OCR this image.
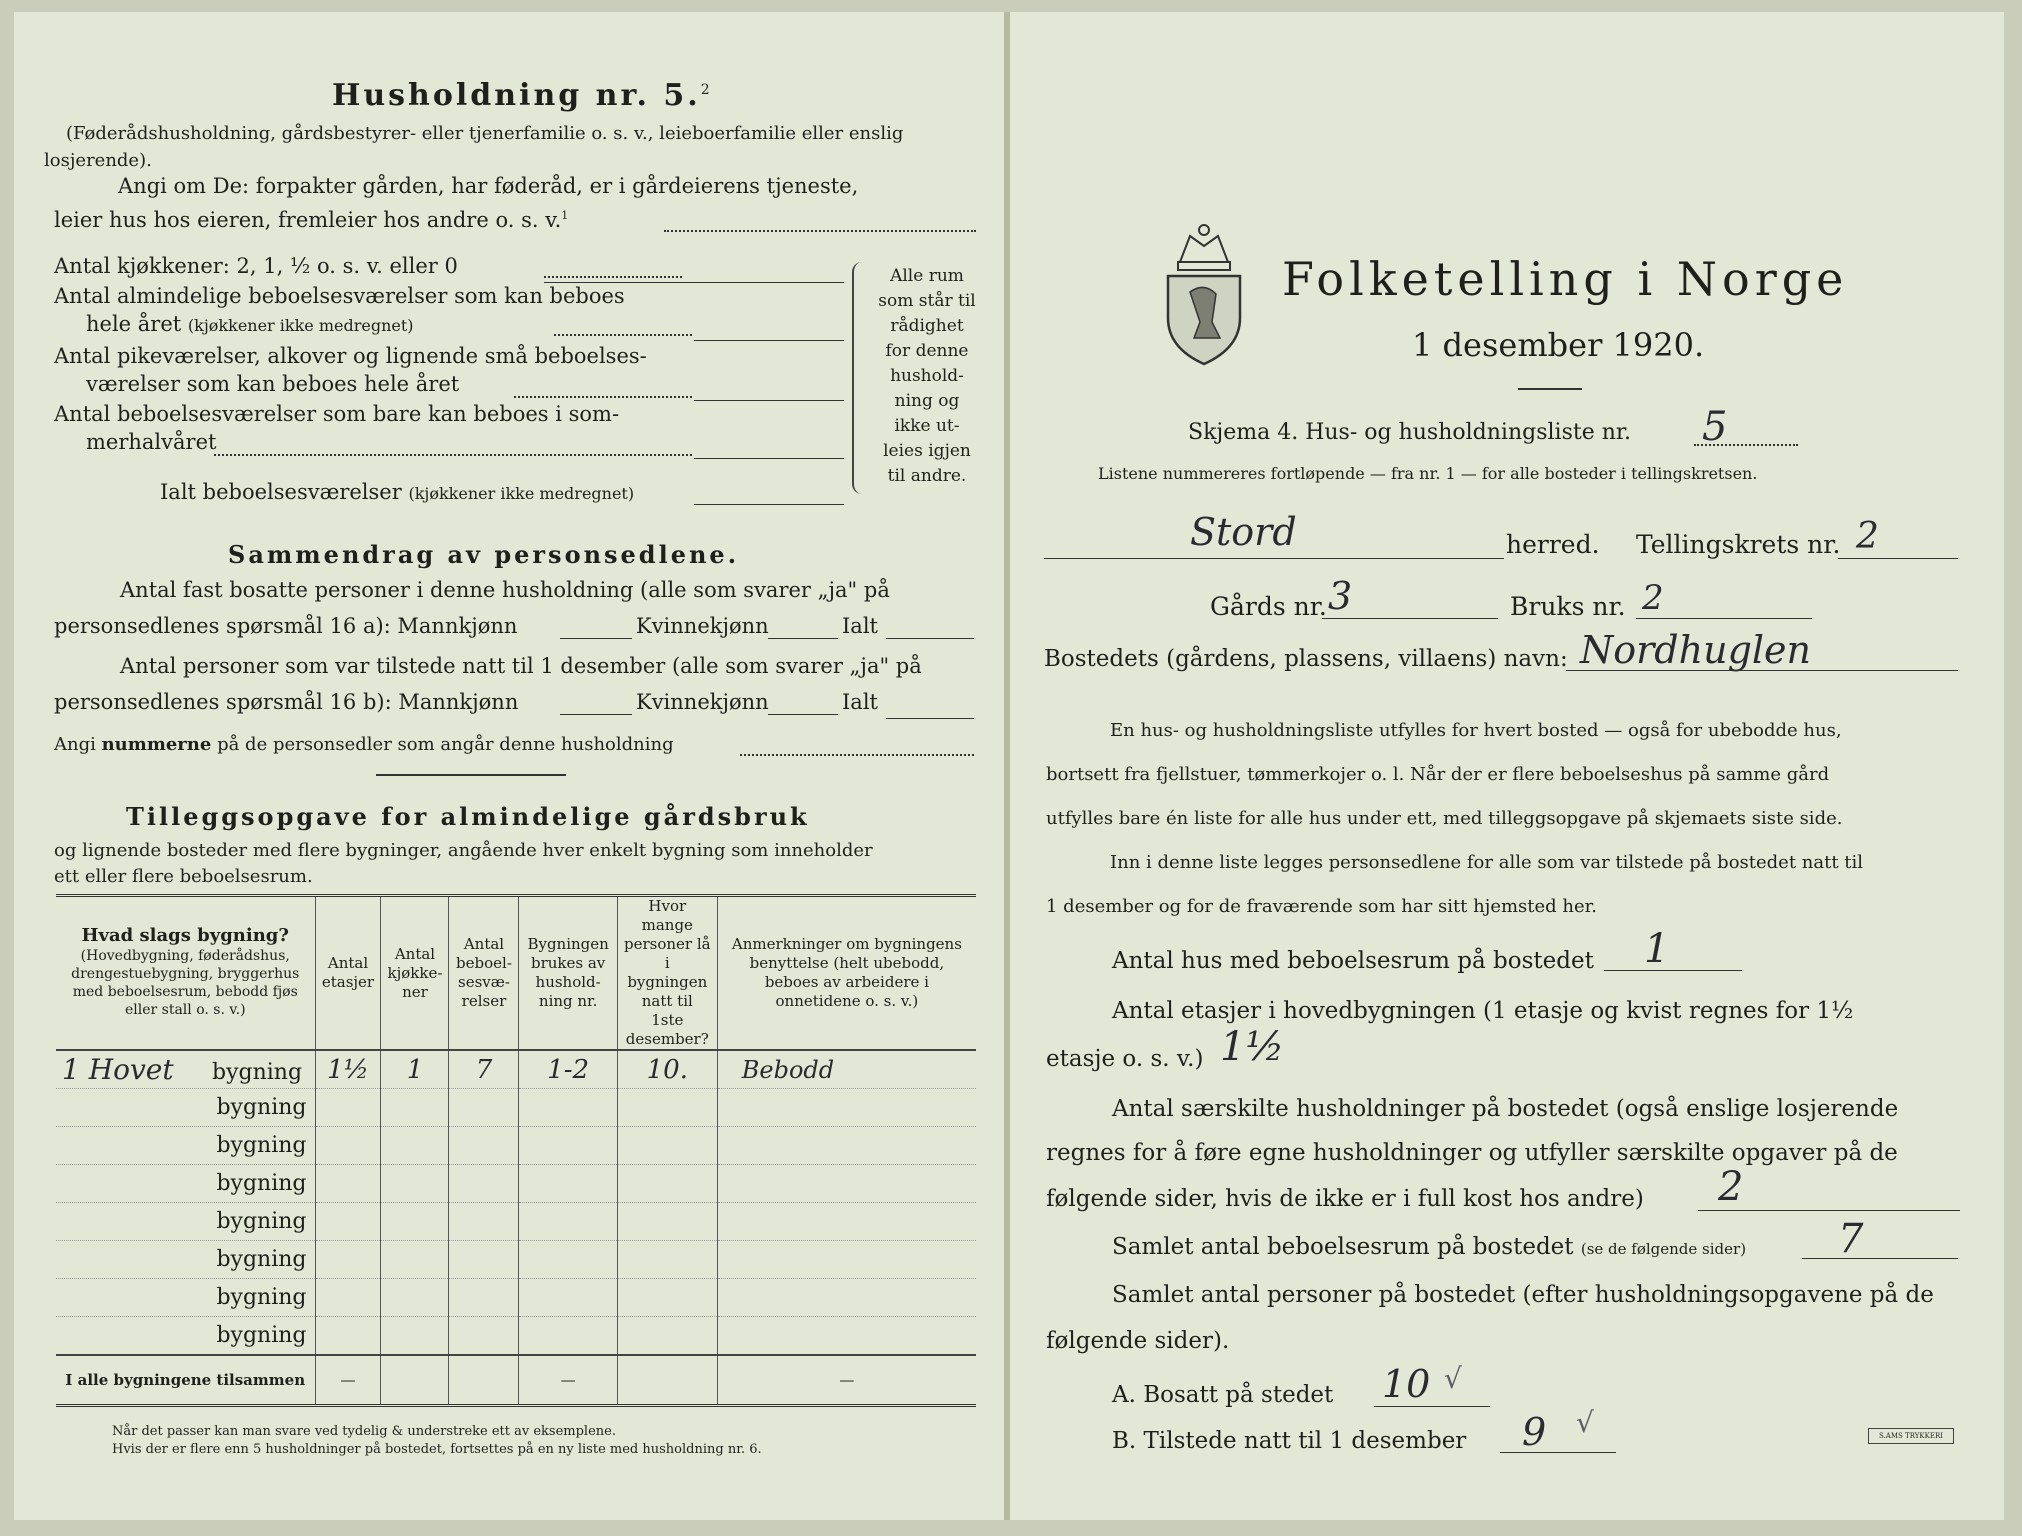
Husholdning nr. 5.$^2$
(Føderådshusholdning, gårdsbestyrer- eller tjenerfamilie o. s. v., leieboerfamilie eller enslig losjerende).
Angi om De: forpakter gården, har føderåd, er i gårdeierens tjeneste,
leier hus hos eieren, fremleier hos andre o. s. v.$^1$
Antal kjøkkener: 2, 1, ½ o. s. v. eller 0
Antal almindelige beboelsesværelser som kan beboes
hele året (kjøkkener ikke medregnet)
Antal pikeværelser, alkover og lignende små beboelses-
værelser som kan beboes hele året
Antal beboelsesværelser som bare kan beboes i som-
merhalvåret
Ialt beboelsesværelser (kjøkkener ikke medregnet)
Alle rum
som står til
rådighet
for denne
hushold-
ning og
ikke ut-
leies igjen
til andre.
Sammendrag av personsedlene.
Antal fast bosatte personer i denne husholdning (alle som svarer „ja" på
personsedlenes spørsmål 16 a): Mannkjønn	Kvinnekjønn	Ialt
Antal personer som var tilstede natt til 1 desember (alle som svarer „ja" på
personsedlenes spørsmål 16 b): Mannkjønn	Kvinnekjønn	Ialt
Angi nummerne på de personsedler som angår denne husholdning
Tilleggsopgave for almindelige gårdsbruk
og lignende bosteder med flere bygninger, angående hver enkelt bygning som inneholder
ett eller flere beboelsesrum.
Hvad slags bygning?
(Hovedbygning, føderådshus, drengestuebygning, bryggerhus med beboelsesrum, bebodd fjøs eller stall o. s. v.)	Antal etasjer	Antal kjøkke-ner	Antal beboel-sesvæ-relser	Bygningen brukes av hushold-ning nr.	Hvor mange personer lå i bygningen natt til 1ste desember?	Anmerkninger om bygningens benyttelse (helt ubebodd, beboes av arbeidere i onnetidene o. s. v.)
1 Hovet bygning	1½	1	7	1-2	10.	Bebodd
bygning						
bygning						
bygning						
bygning						
bygning						
bygning						
bygning						
I alle bygningene tilsammen	—			—		—
Når det passer kan man svare ved tydelig & understreke ett av eksemplene.
Hvis der er flere enn 5 husholdninger på bostedet, fortsettes på en ny liste med husholdning nr. 6.
Folketelling i Norge
1 desember 1920.
Skjema 4. Hus- og husholdningsliste nr. 5
Listene nummereres fortløpende — fra nr. 1 — for alle bosteder i tellingskretsen.
Stord	herred. Tellingskrets nr. 2
Gårds nr. 3	Bruks nr. 2
Bostedets (gårdens, plassens, villaens) navn: Nordhuglen
En hus- og husholdningsliste utfylles for hvert bosted — også for ubebodde hus,
bortsett fra fjellstuer, tømmerkojer o. l. Når der er flere beboelseshus på samme gård
utfylles bare én liste for alle hus under ett, med tilleggsopgave på skjemaets siste side.
Inn i denne liste legges personsedlene for alle som var tilstede på bostedet natt til
1 desember og for de fraværende som har sitt hjemsted her.
Antal hus med beboelsesrum på bostedet 1
Antal etasjer i hovedbygningen (1 etasje og kvist regnes for 1½
etasje o. s. v.) 1½
Antal særskilte husholdninger på bostedet (også enslige losjerende
regnes for å føre egne husholdninger og utfyller særskilte opgaver på de
følgende sider, hvis de ikke er i full kost hos andre) 2
Samlet antal beboelsesrum på bostedet (se de følgende sider) 7
Samlet antal personer på bostedet (efter husholdningsopgavene på de
følgende sider).
A. Bosatt på stedet 10 √
B. Tilstede natt til 1 desember 9 √	S.AMS TRYKKERI
